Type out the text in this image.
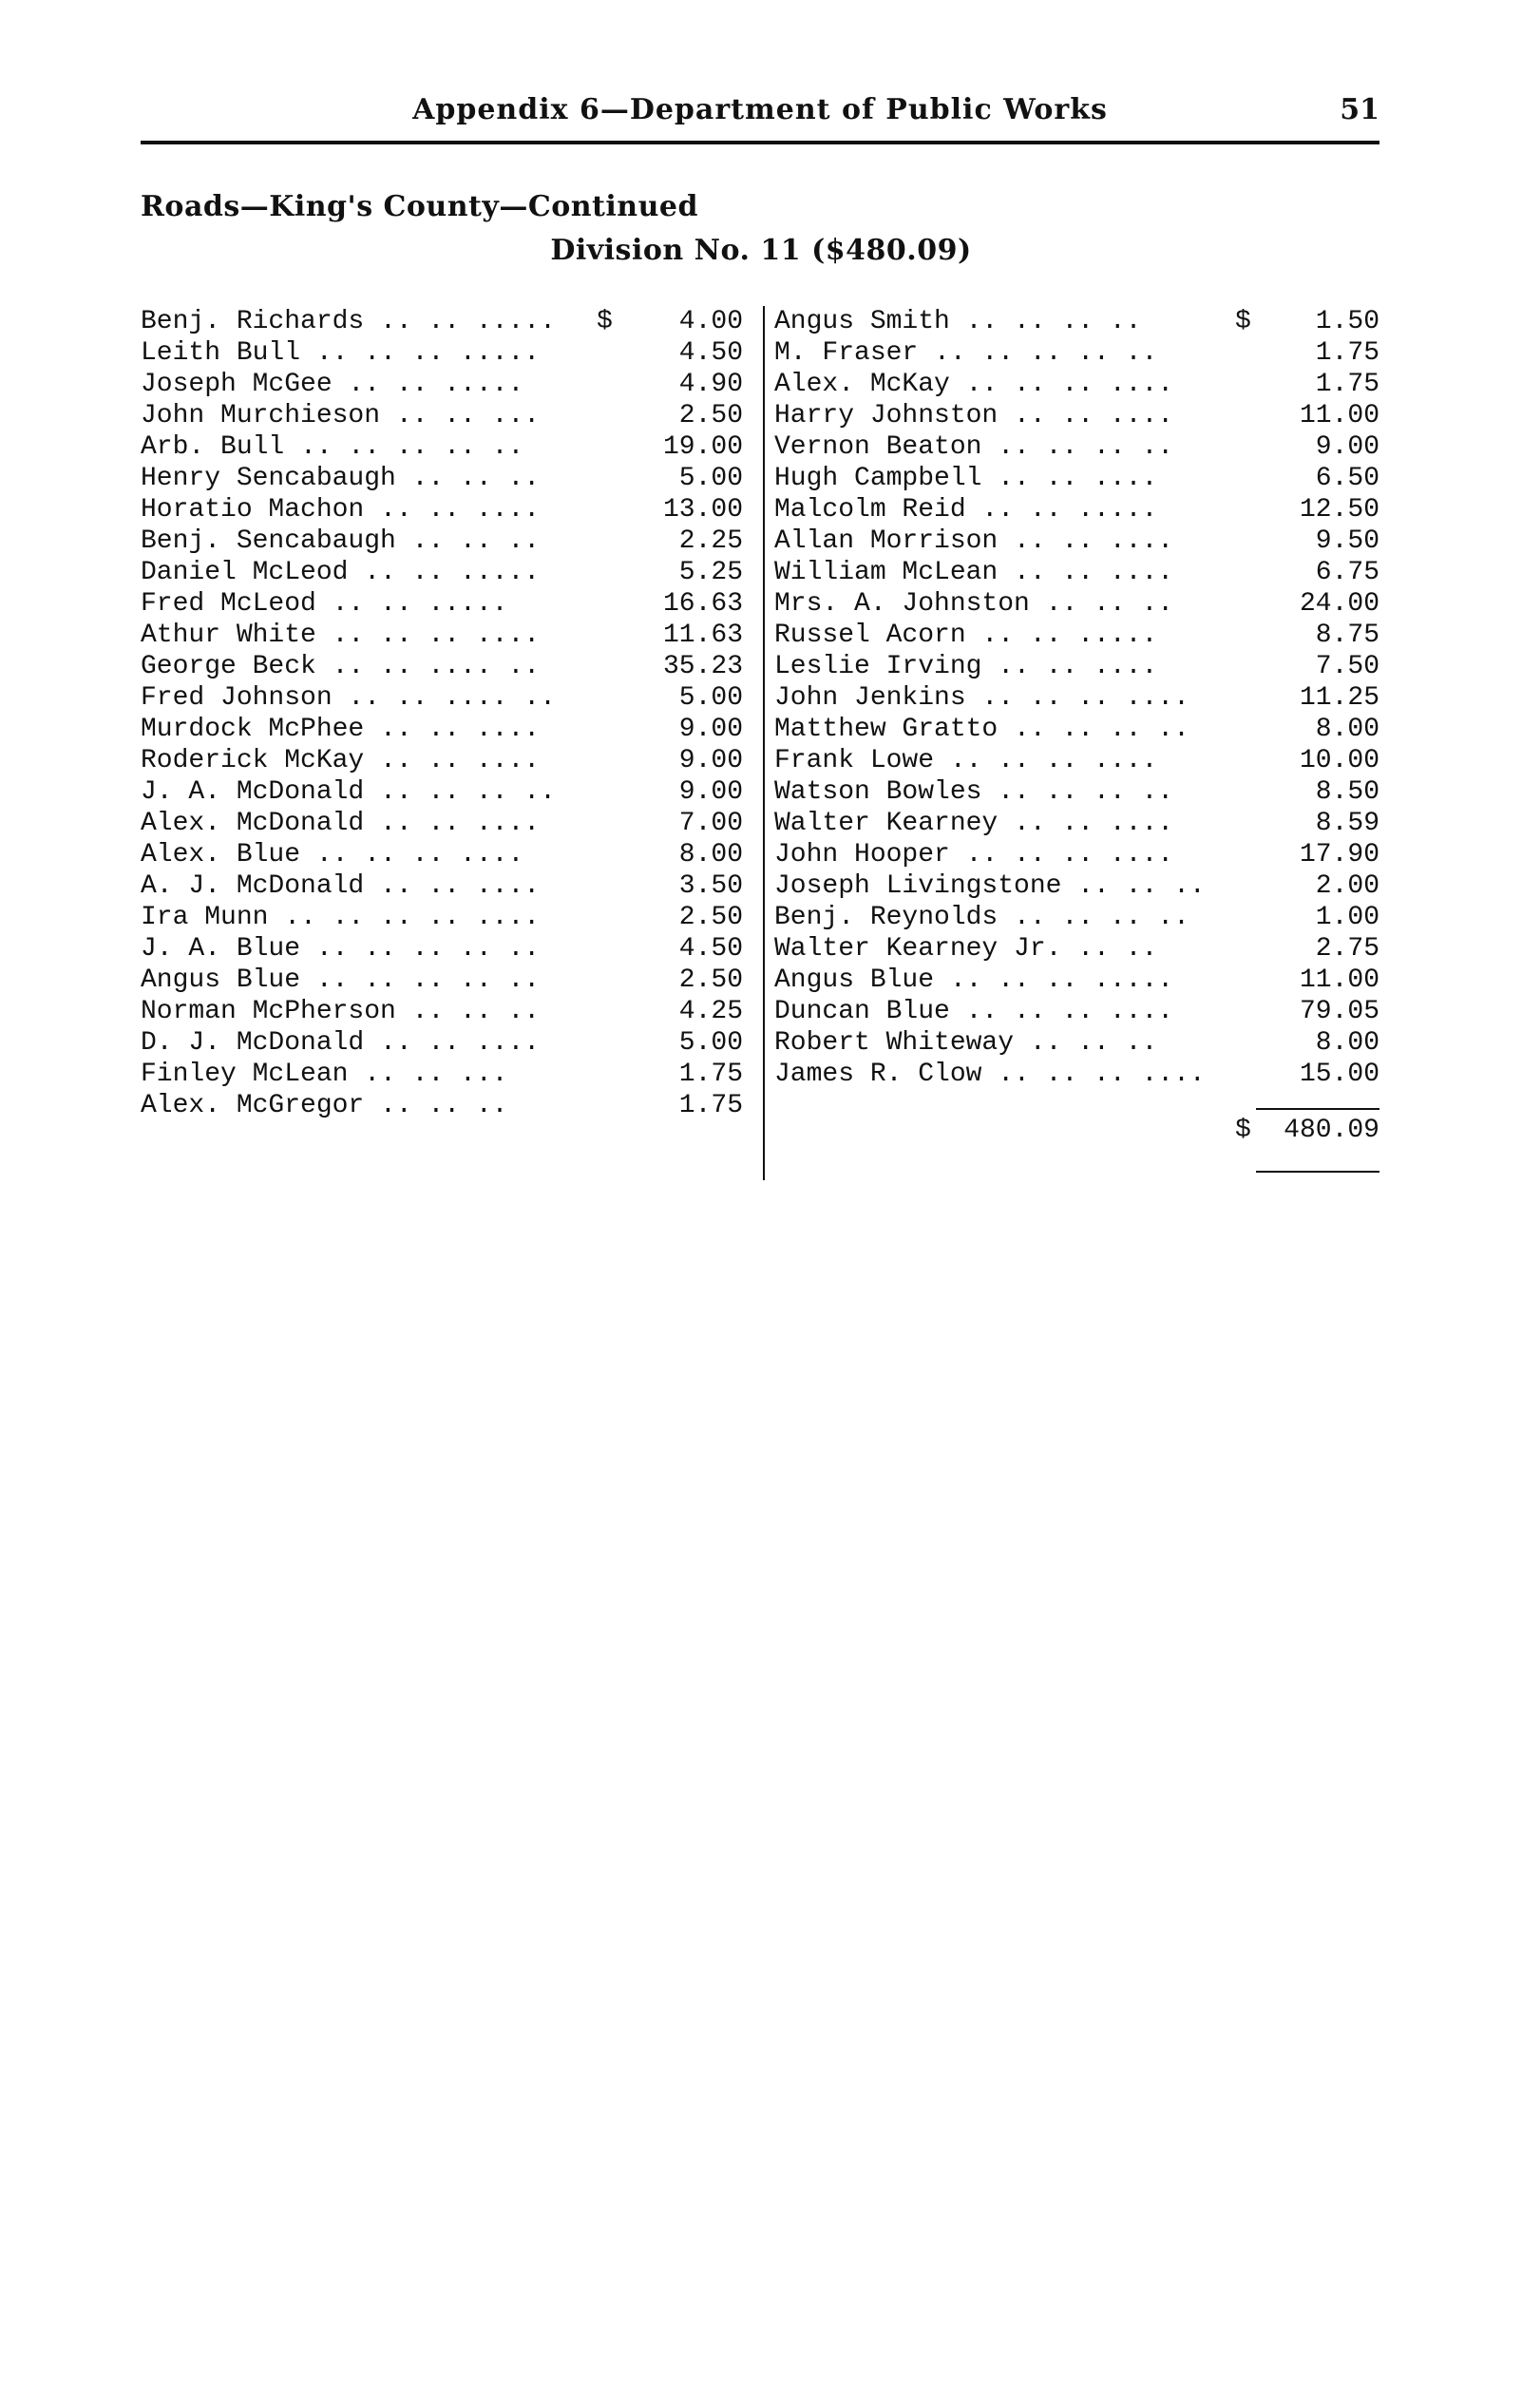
Appendix 6—Department of Public Works	51
Roads—King's County—Continued
Division No. 11 ($480.09)
Benj. Richards .. .. ..... $ 4.00
Leith Bull .. .. .. .....	4.50
Joseph McGee .. .. .....	4.90
John Murchieson .. .. ...	2.50
Arb. Bull .. .. .. .. ..	19.00
Henry Sencabaugh .. .. ..	5.00
Horatio Machon .. .. ....	13.00
Benj. Sencabaugh .. .. ..	2.25
Daniel McLeod .. .. .....	5.25
Fred McLeod .. .. .....	16.63
Athur White .. .. .. ....	11.63
George Beck .. .. .... ..	35.23
Fred Johnson .. .. .... ..	5.00
Murdock McPhee .. .. ....	9.00
Roderick McKay .. .. ....	9.00
J. A. McDonald .. .. .. ..	9.00
Alex. McDonald .. .. ....	7.00
Alex. Blue .. .. .. ....	8.00
A. J. McDonald .. .. ....	3.50
Ira Munn .. .. .. .. ....	2.50
J. A. Blue .. .. .. .. ..	4.50
Angus Blue .. .. .. .. ..	2.50
Norman McPherson .. .. ..	4.25
D. J. McDonald .. .. ....	5.00
Finley McLean .. .. ...	1.75
Alex. McGregor .. .. ..	1.75
Angus Smith .. .. .. ..	$ 1.50
M. Fraser .. .. .. .. ..	1.75
Alex. McKay .. .. .. ....	1.75
Harry Johnston .. .. ....	11.00
Vernon Beaton .. .. .. ..	9.00
Hugh Campbell .. .. ....	6.50
Malcolm Reid .. .. .....	12.50
Allan Morrison .. .. ....	9.50
William McLean .. .. ....	6.75
Mrs. A. Johnston .. .. ..	24.00
Russel Acorn .. .. .....	8.75
Leslie Irving .. .. ....	7.50
John Jenkins .. .. .. ....	11.25
Matthew Gratto .. .. .. ..	8.00
Frank Lowe .. .. .. ....	10.00
Watson Bowles .. .. .. ..	8.50
Walter Kearney .. .. ....	8.59
John Hooper .. .. .. ....	17.90
Joseph Livingstone .. .. ..	2.00
Benj. Reynolds .. .. .. ..	1.00
Walter Kearney Jr. .. ..	2.75
Angus Blue .. .. .. .....	11.00
Duncan Blue .. .. .. ....	79.05
Robert Whiteway .. .. ..	8.00
James R. Clow .. .. .. ....	15.00
$ 480.09
